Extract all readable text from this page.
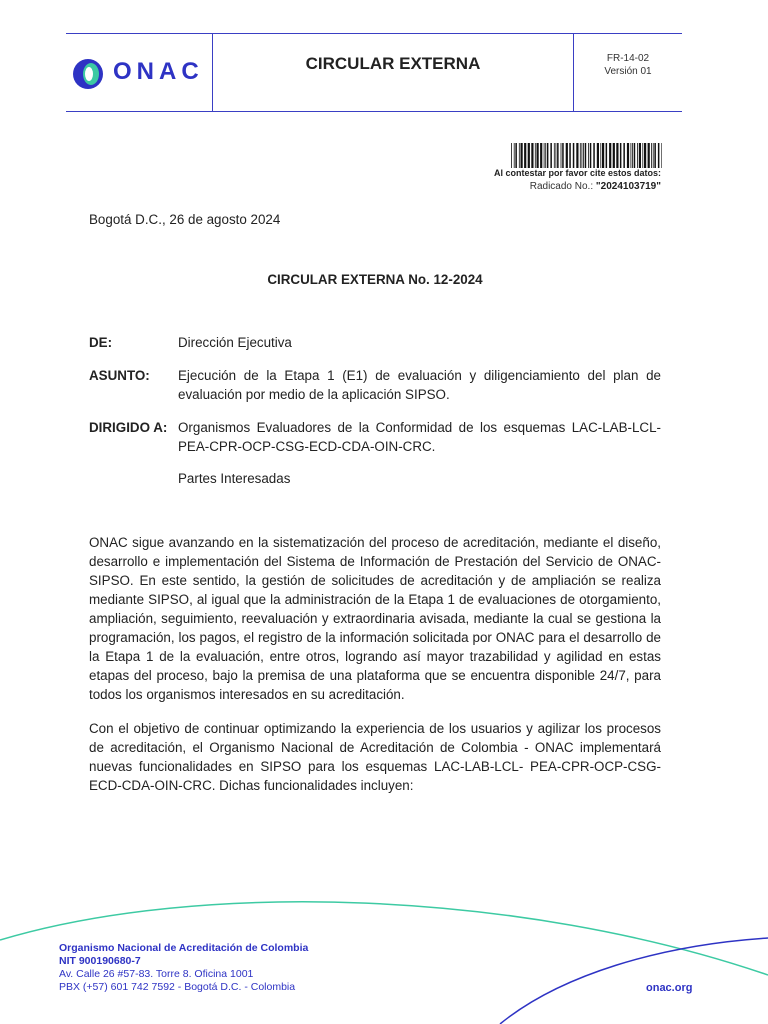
ONAC	CIRCULAR EXTERNA	FR-14-02
Versión 01
Al contestar por favor cite estos datos:
Radicado No.: "2024103719"
Bogotá D.C., 26 de agosto 2024
CIRCULAR EXTERNA No. 12-2024
DE:	Dirección Ejecutiva
ASUNTO: Ejecución de la Etapa 1 (E1) de evaluación y diligenciamiento del plan de evaluación por medio de la aplicación SIPSO.
DIRIGIDO A: Organismos Evaluadores de la Conformidad de los esquemas LAC-LAB-LCL-PEA-CPR-OCP-CSG-ECD-CDA-OIN-CRC.
Partes Interesadas
ONAC sigue avanzando en la sistematización del proceso de acreditación, mediante el diseño, desarrollo e implementación del Sistema de Información de Prestación del Servicio de ONAC- SIPSO. En este sentido, la gestión de solicitudes de acreditación y de ampliación se realiza mediante SIPSO, al igual que la administración de la Etapa 1 de evaluaciones de otorgamiento, ampliación, seguimiento, reevaluación y extraordinaria avisada, mediante la cual se gestiona la programación, los pagos, el registro de la información solicitada por ONAC para el desarrollo de la Etapa 1 de la evaluación, entre otros, logrando así mayor trazabilidad y agilidad en estas etapas del proceso, bajo la premisa de una plataforma que se encuentra disponible 24/7, para todos los organismos interesados en su acreditación.
Con el objetivo de continuar optimizando la experiencia de los usuarios y agilizar los procesos de acreditación, el Organismo Nacional de Acreditación de Colombia - ONAC implementará nuevas funcionalidades en SIPSO para los esquemas LAC-LAB-LCL- PEA-CPR-OCP-CSG-ECD-CDA-OIN-CRC. Dichas funcionalidades incluyen:
Organismo Nacional de Acreditación de Colombia
NIT 900190680-7
Av. Calle 26 #57-83. Torre 8. Oficina 1001
PBX (+57) 601 742 7592 - Bogotá D.C. - Colombia	onac.org
